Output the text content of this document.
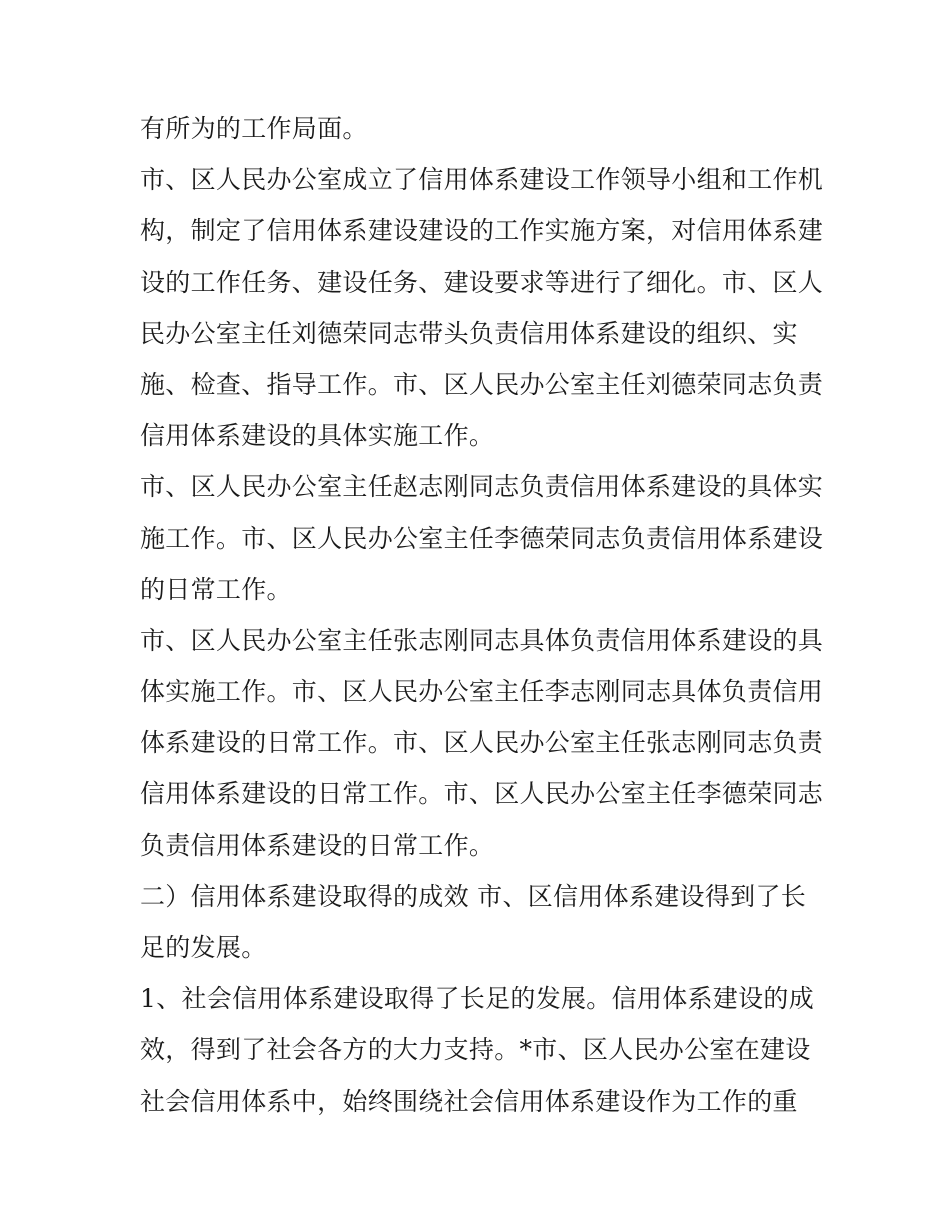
有所为的工作局面。
市、区人民办公室成立了信用体系建设工作领导小组和工作机
构，制定了信用体系建设建设的工作实施方案，对信用体系建
设的工作任务、建设任务、建设要求等进行了细化。市、区人
民办公室主任刘德荣同志带头负责信用体系建设的组织、实
施、检查、指导工作。市、区人民办公室主任刘德荣同志负责
信用体系建设的具体实施工作。
市、区人民办公室主任赵志刚同志负责信用体系建设的具体实
施工作。市、区人民办公室主任李德荣同志负责信用体系建设
的日常工作。
市、区人民办公室主任张志刚同志具体负责信用体系建设的具
体实施工作。市、区人民办公室主任李志刚同志具体负责信用
体系建设的日常工作。市、区人民办公室主任张志刚同志负责
信用体系建设的日常工作。市、区人民办公室主任李德荣同志
负责信用体系建设的日常工作。
二）信用体系建设取得的成效 市、区信用体系建设得到了长
足的发展。
1、社会信用体系建设取得了长足的发展。信用体系建设的成
效，得到了社会各方的大力支持。*市、区人民办公室在建设
社会信用体系中，始终围绕社会信用体系建设作为工作的重
